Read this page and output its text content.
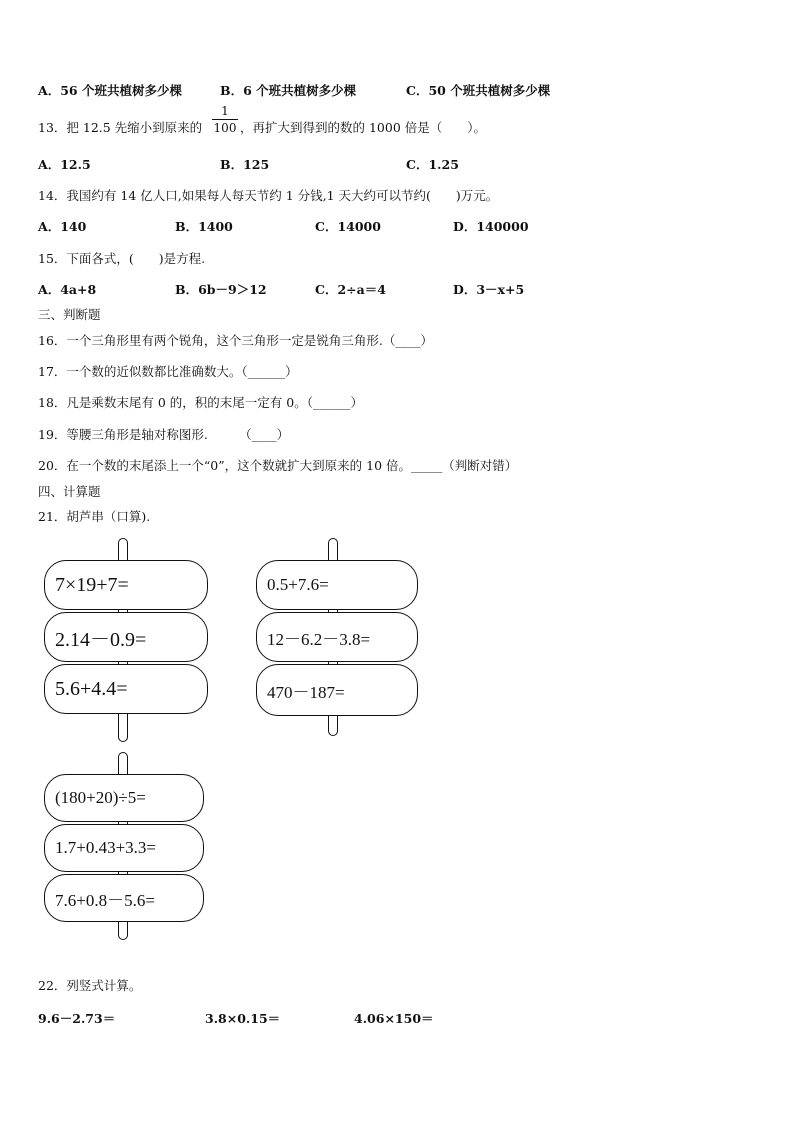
A．56 个班共植树多少棵	B．6 个班共植树多少棵	C．50 个班共植树多少棵
13．把 12.5 先缩小到原来的
1
100 ，再扩大到得到的数的 1000 倍是（　　）。
A．12.5	B．125	C．1.25
14．我国约有 14 亿人口,如果每人每天节约 1 分钱,1 天大约可以节约(　　)万元。
A．140	B．1400	C．14000	D．140000
15．下面各式，(　　)是方程.
A．4a+8	B．6b－9＞12	C．2÷a＝4	D．3－x+5
三、判断题
16．一个三角形里有两个锐角，这个三角形一定是锐角三角形.（____）
17．一个数的近似数都比准确数大。（______）
18．凡是乘数末尾有 0 的，积的末尾一定有 0。（______）
19．等腰三角形是轴对称图形.　　　（____）
20．在一个数的末尾添上一个“0”，这个数就扩大到原来的 10 倍。_____（判断对错）
四、计算题
21．胡芦串（口算).
7×19+7=
2.14－0.9=
5.6+4.4=
0.5+7.6=
12－6.2－3.8=
470－187=
(180+20)÷5=
1.7+0.43+3.3=
7.6+0.8－5.6=
22．列竖式计算。
9.6－2.73＝	3.8×0.15＝	4.06×150＝
